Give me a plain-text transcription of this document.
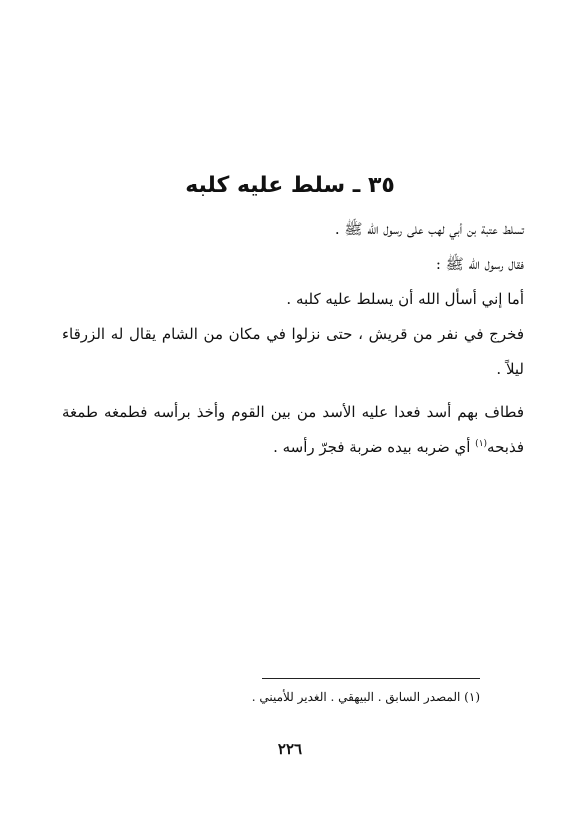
٣٥ ـ سلط عليه كلبه

تسلط عتبة بن أبي لهب على رسول الله ﷺ .

فقال رسول الله ﷺ :

أما إني أسأل الله أن يسلط عليه كلبه .

فخرج في نفر من قريش ، حتى نزلوا في مكان من الشام يقال له الزرقاء ليلاً .

فطاف بهم أسد فعدا عليه الأسد من بين القوم وأخذ برأسه فطمغه طمغة فذبحه$^{(١)}$ أي ضربه بيده ضربة فجرّ رأسه .

(١) المصدر السابق . البيهقي . الغدير للأميني .
٢٢٦
